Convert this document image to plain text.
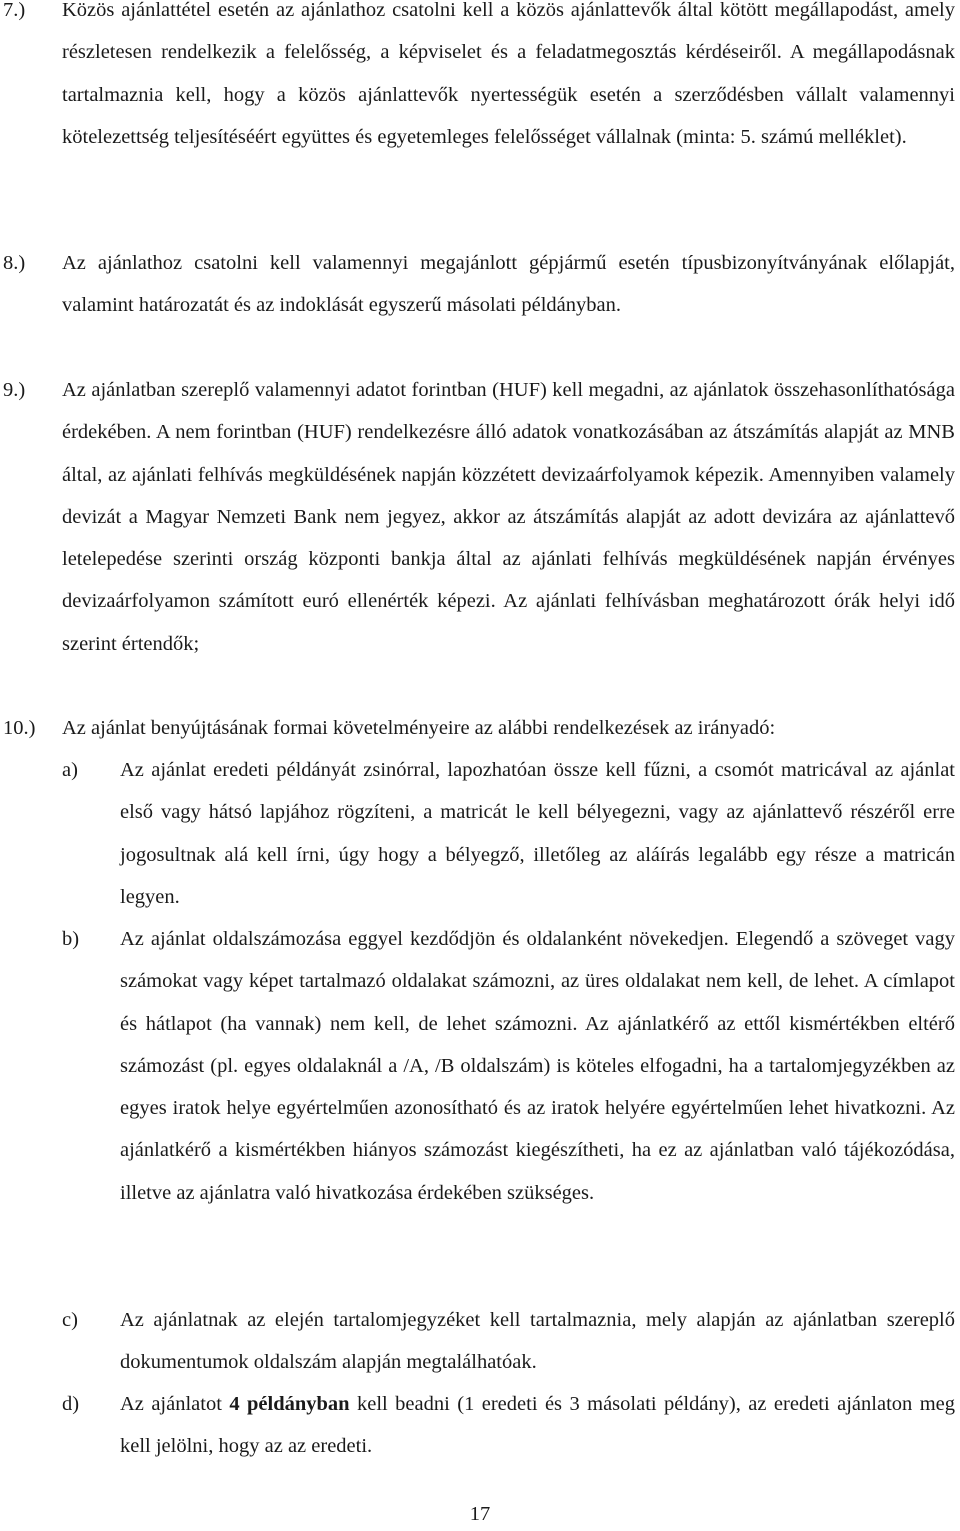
7.) Közös ajánlattétel esetén az ajánlathoz csatolni kell a közös ajánlattevők által kötött megállapodást, amely részletesen rendelkezik a felelősség, a képviselet és a feladatmegosztás kérdéseiről. A megállapodásnak tartalmaznia kell, hogy a közös ajánlattevők nyertességük esetén a szerződésben vállalt valamennyi kötelezettség teljesítéséért együttes és egyetemleges felelősséget vállalnak (minta: 5. számú melléklet).

8.) Az ajánlathoz csatolni kell valamennyi megajánlott gépjármű esetén típusbizonyítványának előlapját, valamint határozatát és az indoklását egyszerű másolati példányban.

9.) Az ajánlatban szereplő valamennyi adatot forintban (HUF) kell megadni, az ajánlatok összehasonlíthatósága érdekében. A nem forintban (HUF) rendelkezésre álló adatok vonatkozásában az átszámítás alapját az MNB által, az ajánlati felhívás megküldésének napján közzétett devizaárfolyamok képezik. Amennyiben valamely devizát a Magyar Nemzeti Bank nem jegyez, akkor az átszámítás alapját az adott devizára az ajánlattevő letelepedése szerinti ország központi bankja által az ajánlati felhívás megküldésének napján érvényes devizaárfolyamon számított euró ellenérték képezi. Az ajánlati felhívásban meghatározott órák helyi idő szerint értendők;

10.) Az ajánlat benyújtásának formai követelményeire az alábbi rendelkezések az irányadó:

a) Az ajánlat eredeti példányát zsinórral, lapozhatóan össze kell fűzni, a csomót matricával az ajánlat első vagy hátsó lapjához rögzíteni, a matricát le kell bélyegezni, vagy az ajánlattevő részéről erre jogosultnak alá kell írni, úgy hogy a bélyegző, illetőleg az aláírás legalább egy része a matricán legyen.

b) Az ajánlat oldalszámozása eggyel kezdődjön és oldalanként növekedjen. Elegendő a szöveget vagy számokat vagy képet tartalmazó oldalakat számozni, az üres oldalakat nem kell, de lehet. A címlapot és hátlapot (ha vannak) nem kell, de lehet számozni. Az ajánlatkérő az ettől kismértékben eltérő számozást (pl. egyes oldalaknál a /A, /B oldalszám) is köteles elfogadni, ha a tartalomjegyzékben az egyes iratok helye egyértelműen azonosítható és az iratok helyére egyértelműen lehet hivatkozni. Az ajánlatkérő a kismértékben hiányos számozást kiegészítheti, ha ez az ajánlatban való tájékozódása, illetve az ajánlatra való hivatkozása érdekében szükséges.

c) Az ajánlatnak az elején tartalomjegyzéket kell tartalmaznia, mely alapján az ajánlatban szereplő dokumentumok oldalszám alapján megtalálhatóak.

d) Az ajánlatot 4 példányban kell beadni (1 eredeti és 3 másolati példány), az eredeti ajánlaton meg kell jelölni, hogy az az eredeti.

17
